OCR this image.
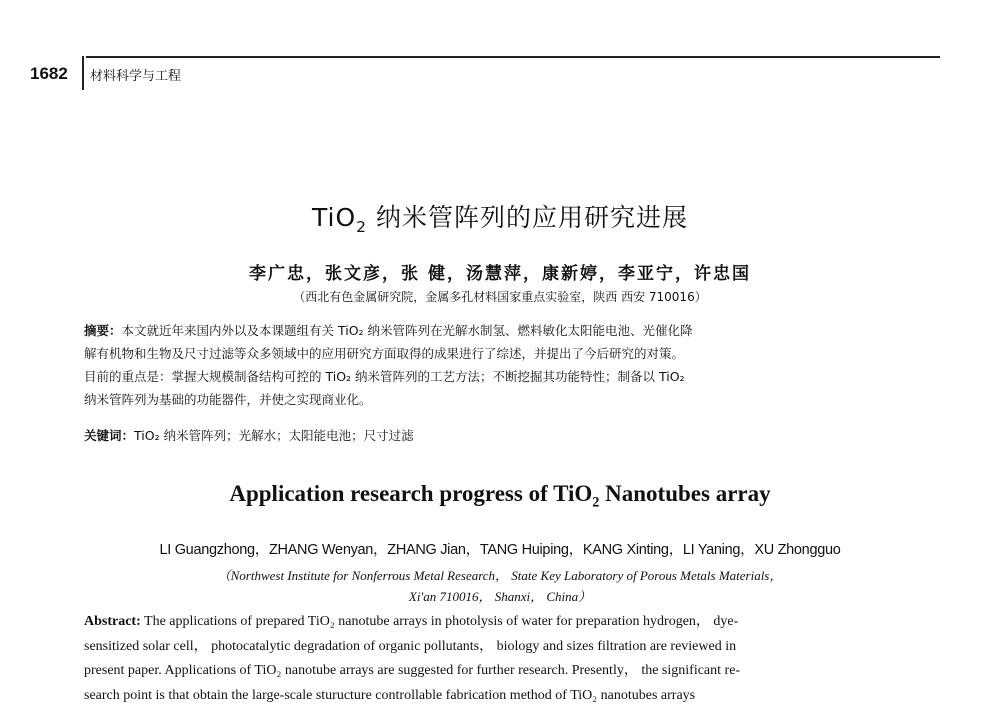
1682 材料科学与工程
TiO$_2$ 纳米管阵列的应用研究进展
李广忠，张文彦，张 健，汤慧萍，康新婷，李亚宁，许忠国
（西北有色金属研究院，金属多孔材料国家重点实验室，陕西 西安 710016）
摘要：本文就近年来国内外以及本课题组有关 TiO₂ 纳米管阵列在光解水制氢、燃料敏化太阳能电池、光催化降
解有机物和生物及尺寸过滤等众多领域中的应用研究方面取得的成果进行了综述，并提出了今后研究的对策。
目前的重点是：掌握大规模制备结构可控的 TiO₂ 纳米管阵列的工艺方法；不断挖掘其功能特性；制备以 TiO₂
纳米管阵列为基础的功能器件，并使之实现商业化。
关键词：TiO₂ 纳米管阵列；光解水；太阳能电池；尺寸过滤
Application research progress of TiO$_2$ Nanotubes array
LI Guangzhong，ZHANG Wenyan，ZHANG Jian，TANG Huiping，KANG Xinting，LI Yaning，XU Zhongguo
（Northwest Institute for Nonferrous Metal Research， State Key Laboratory of Porous Metals Materials，
Xi'an 710016， Shanxi， China）
Abstract: The applications of prepared TiO₂ nanotube arrays in photolysis of water for preparation hydrogen， dye-
sensitized solar cell， photocatalytic degradation of organic pollutants， biology and sizes filtration are reviewed in
present paper. Applications of TiO₂ nanotube arrays are suggested for further research. Presently， the significant re-
search point is that obtain the large-scale sturucture controllable fabrication method of TiO₂ nanotubes arrays
